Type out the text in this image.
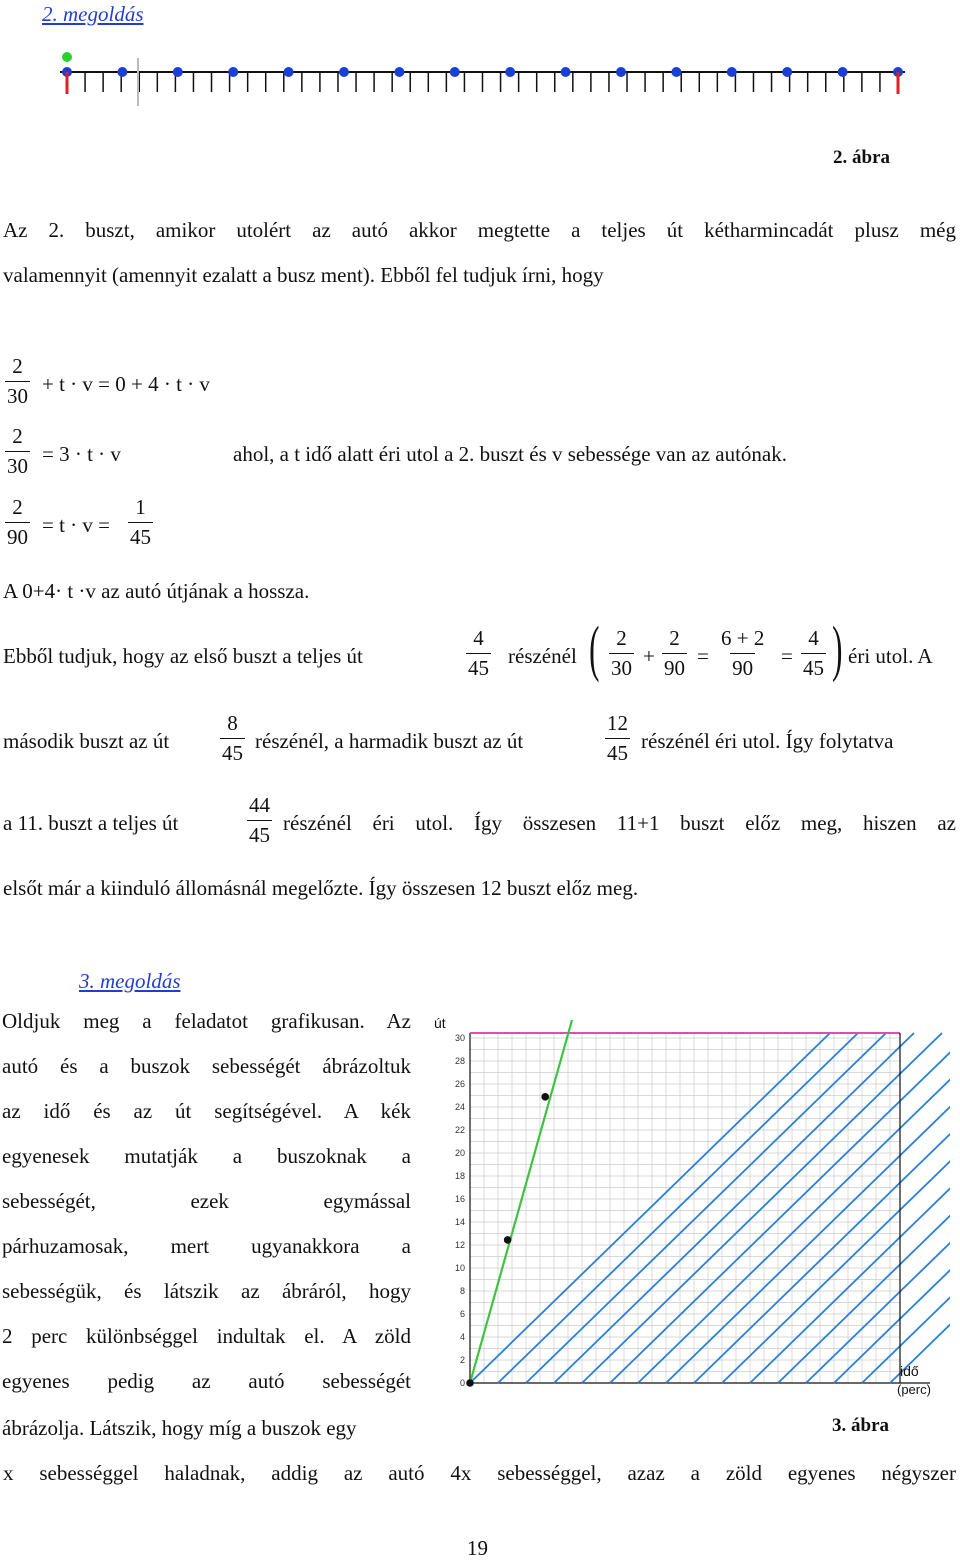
2. megoldás
2. ábra
Az 2. buszt, amikor utolért az autó akkor megtette a teljes út kétharmincadát plusz még
valamennyit (amennyit ezalatt a busz ment). Ebből fel tudjuk írni, hogy
$\frac{2}{30} + t \cdot v = 0 + 4 \cdot t \cdot v$
$\frac{2}{30} = 3 \cdot t \cdot v$	ahol, a t idő alatt éri utol a 2. buszt és v sebessége van az autónak.
$\frac{2}{90} = t \cdot v = \frac{1}{45}$
A 0+4· t ·v az autó útjának a hossza.
Ebből tudjuk, hogy az első buszt a teljes út	$\frac{4}{45}$ részénél ( $\frac{2}{30} + \frac{2}{90} = \frac{6 + 2}{90} = \frac{4}{45}$ ) éri utol. A
második buszt az út $\frac{8}{45}$ részénél, a harmadik buszt az út	$\frac{12}{45}$ részénél éri utol. Így folytatva
a 11. buszt a teljes út	$\frac{44}{45}$ részénél éri utol. Így összesen 11+1 buszt előz meg, hiszen az
elsőt már a kiinduló állomásnál megelőzte. Így összesen 12 buszt előz meg.
3. megoldás
Oldjuk meg a feladatot grafikusan. Az
autó és a buszok sebességét ábrázoltuk
az idő és az út segítségével. A kék
egyenesek mutatják a buszoknak a
sebességét, ezek egymással
párhuzamosak, mert ugyanakkora a
sebességük, és látszik az ábráról, hogy
2 perc különbséggel indultak el. A zöld
egyenes pedig az autó sebességét
ábrázolja. Látszik, hogy míg a buszok egy
0
2
4
6
8
10
12
14
16
18
20
22
24
26
28
30
út
idő
(perc)
3. ábra
x sebességgel haladnak, addig az autó 4x sebességgel, azaz a zöld egyenes négyszer
19
